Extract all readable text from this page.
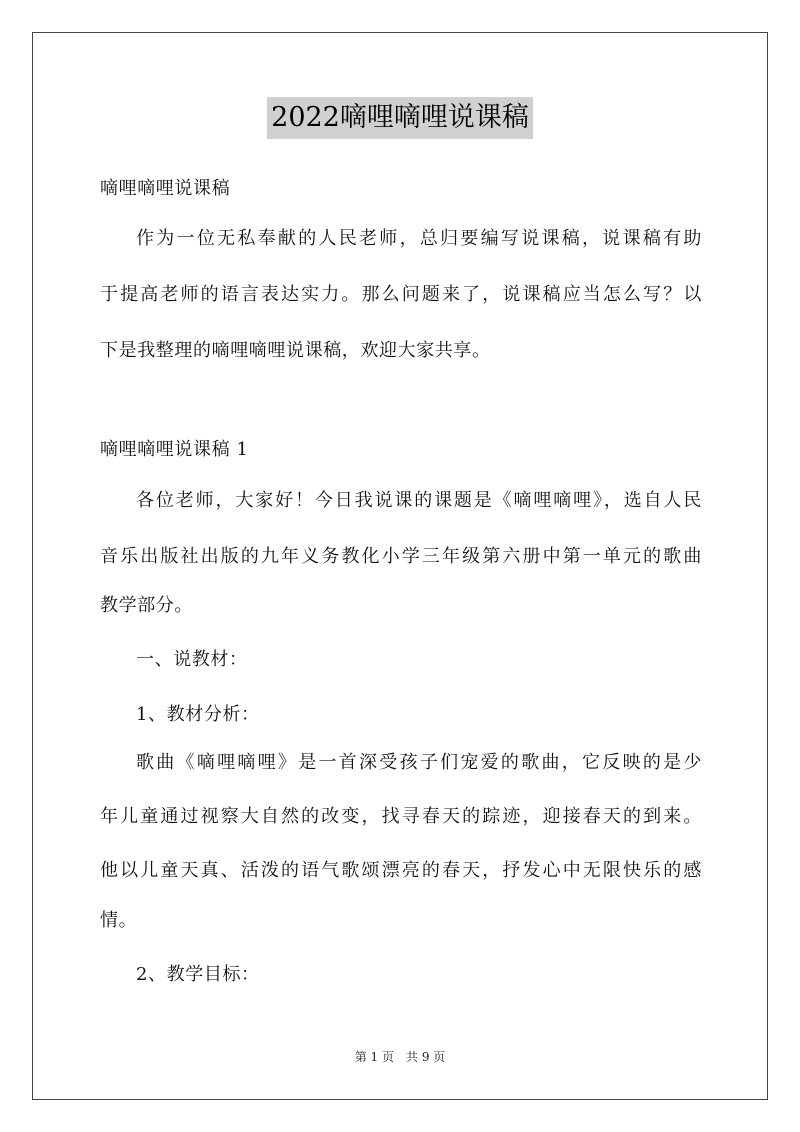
2022嘀哩嘀哩说课稿
嘀哩嘀哩说课稿
作为一位无私奉献的人民老师，总归要编写说课稿，说课稿有助
于提高老师的语言表达实力。那么问题来了，说课稿应当怎么写？以
下是我整理的嘀哩嘀哩说课稿，欢迎大家共享。
嘀哩嘀哩说课稿 1
各位老师，大家好！今日我说课的课题是《嘀哩嘀哩》，选自人民
音乐出版社出版的九年义务教化小学三年级第六册中第一单元的歌曲
教学部分。
一、说教材：
1、教材分析：
歌曲《嘀哩嘀哩》是一首深受孩子们宠爱的歌曲，它反映的是少
年儿童通过视察大自然的改变，找寻春天的踪迹，迎接春天的到来。
他以儿童天真、活泼的语气歌颂漂亮的春天，抒发心中无限快乐的感
情。
2、教学目标：
第 1 页　共 9 页
